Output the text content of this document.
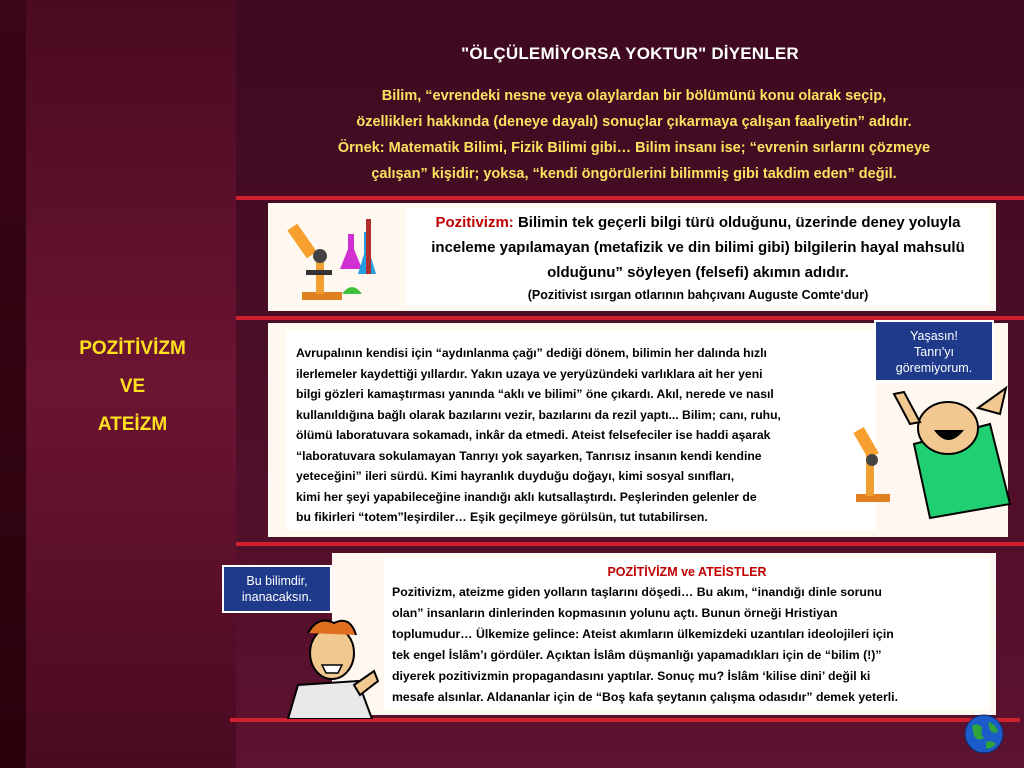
"ÖLÇÜLEMİYORSA YOKTUR" DİYENLER
Bilim, “evrendeki nesne veya olaylardan bir bölümünü konu olarak seçip,
özellikleri hakkında (deneye dayalı) sonuçlar çıkarmaya çalışan faaliyetin” adıdır.
Örnek: Matematik Bilimi, Fizik Bilimi gibi… Bilim insanı ise; “evrenin sırlarını çözmeye
çalışan” kişidir; yoksa, “kendi öngörülerini bilimmiş gibi takdim eden” değil.
POZİTİVİZM
VE
ATEİZM
Pozitivizm: Bilimin tek geçerli bilgi türü olduğunu, üzerinde deney yoluyla inceleme yapılamayan (metafizik ve din bilimi gibi) bilgilerin hayal mahsulü olduğunu” söyleyen (felsefi) akımın adıdır.
(Pozitivist ısırgan otlarının bahçıvanı Auguste Comte‘dur)
Avrupalının kendisi için “aydınlanma çağı” dediği dönem, bilimin her dalında hızlı
ilerlemeler kaydettiği yıllardır. Yakın uzaya ve yeryüzündeki varlıklara ait her yeni
bilgi gözleri kamaştırması yanında “aklı ve bilimi” öne çıkardı. Akıl, nerede ve nasıl
kullanıldığına bağlı olarak bazılarını vezir, bazılarını da rezil yaptı... Bilim; canı, ruhu,
ölümü laboratuvara sokamadı, inkâr da etmedi. Ateist felsefeciler ise haddi aşarak
“laboratuvara sokulamayan Tanrıyı yok sayarken, Tanrısız insanın kendi kendine
yeteceğini” ileri sürdü. Kimi hayranlık duyduğu doğayı, kimi sosyal sınıfları,
kimi her şeyi yapabileceğine inandığı aklı kutsallaştırdı. Peşlerinden gelenler de
bu fikirleri “totem”leşirdiler… Eşik geçilmeye görülsün, tut tutabilirsen.
Yaşasın!
Tanrı'yı
göremiyorum.
POZİTİVİZM ve ATEİSTLER
Pozitivizm, ateizme giden yolların taşlarını döşedi… Bu akım, “inandığı dinle sorunu
olan” insanların dinlerinden kopmasının yolunu açtı. Bunun örneği Hristiyan
toplumudur… Ülkemize gelince: Ateist akımların ülkemizdeki uzantıları ideolojileri için
tek engel İslâm’ı gördüler. Açıktan İslâm düşmanlığı yapamadıkları için de “bilim (!)”
diyerek pozitivizmin propagandasını yaptılar. Sonuç mu? İslâm ‘kilise dini’ değil ki
mesafe alsınlar. Aldananlar için de “Boş kafa şeytanın çalışma odasıdır” demek yeterli.
Bu bilimdir,
inanacaksın.
